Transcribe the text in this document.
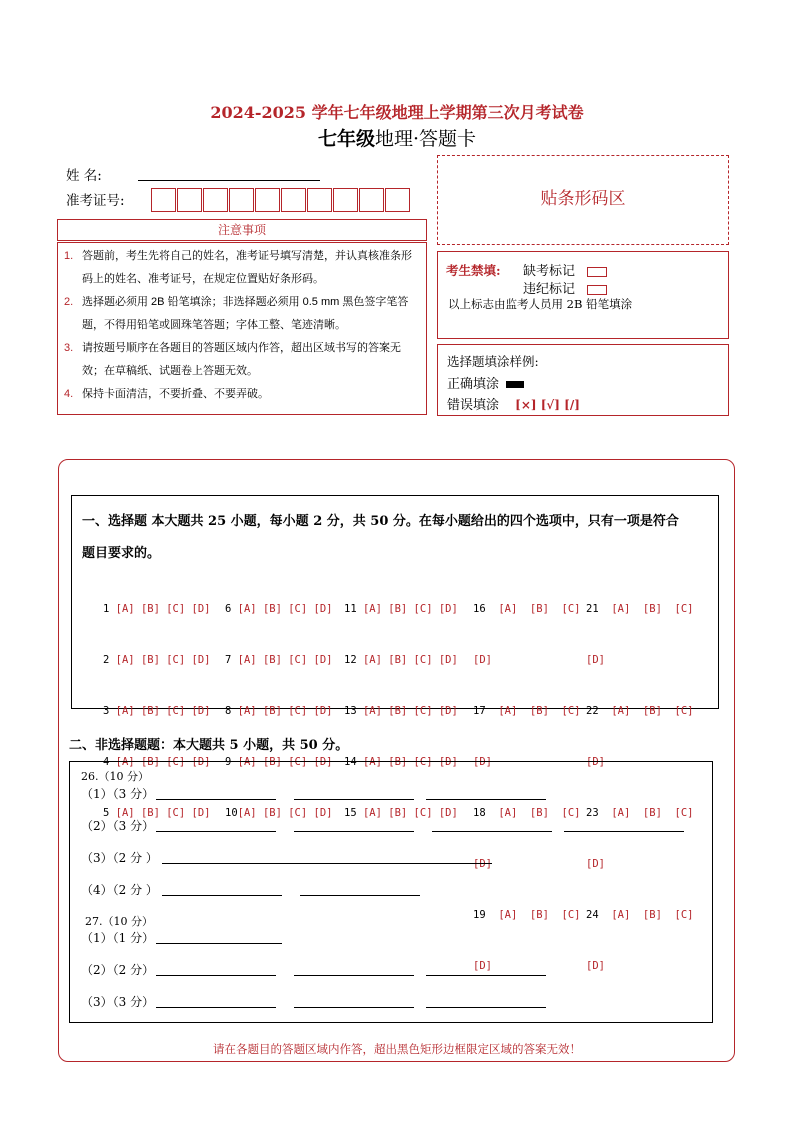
2024-2025 学年七年级地理上学期第三次月考试卷
七年级地理·答题卡
姓 名:
准考证号:
注意事项
1. 答题前，考生先将自己的姓名，准考证号填写清楚，并认真核准条形码上的姓名、准考证号，在规定位置贴好条形码。
2. 选择题必须用 2B 铅笔填涂；非选择题必须用 0.5 mm 黑色签字笔答题，不得用铅笔或圆珠笔答题；字体工整、笔迹清晰。
3. 请按题号顺序在各题目的答题区域内作答，超出区域书写的答案无效；在草稿纸、试题卷上答题无效。
4. 保持卡面清洁，不要折叠、不要弄破。
贴条形码区
考生禁填: 缺考标记
违纪标记
以上标志由监考人员用 2B 铅笔填涂
选择题填涂样例:
正确填涂
错误填涂 [×] [√] [/]
一、选择题 本大题共 25 小题，每小题 2 分，共 50 分。在每小题给出的四个选项中，只有一项是符合
题目要求的。

1 [A] [B] [C] [D]

2 [A] [B] [C] [D]

3 [A] [B] [C] [D]

4 [A] [B] [C] [D]

5 [A] [B] [C] [D]

6 [A] [B] [C] [D]

7 [A] [B] [C] [D]

8 [A] [B] [C] [D]

9 [A] [B] [C] [D]

10[A] [B] [C] [D]

11 [A] [B] [C] [D]

12 [A] [B] [C] [D]

13 [A] [B] [C] [D]

14 [A] [B] [C] [D]

15 [A] [B] [C] [D]

16 [A]  [B]  [C]

[D]

17 [A]  [B]  [C]

[D]

18 [A]  [B]  [C]

[D]

19 [A]  [B]  [C]

[D]

21 [A]  [B]  [C]

[D]

22 [A]  [B]  [C]

[D]

23 [A]  [B]  [C]

[D]

24 [A]  [B]  [C]

[D]

二、非选择题题：本大题共 5 小题，共 50 分。
26.（10 分）
（1）（3 分）
（2）（3 分）
（3）（2 分 ）
（4）（2 分 ）
27.（10 分）
（1）（1 分）
（2）（2 分）
（3）（3 分）
请在各题目的答题区域内作答，超出黑色矩形边框限定区域的答案无效！
